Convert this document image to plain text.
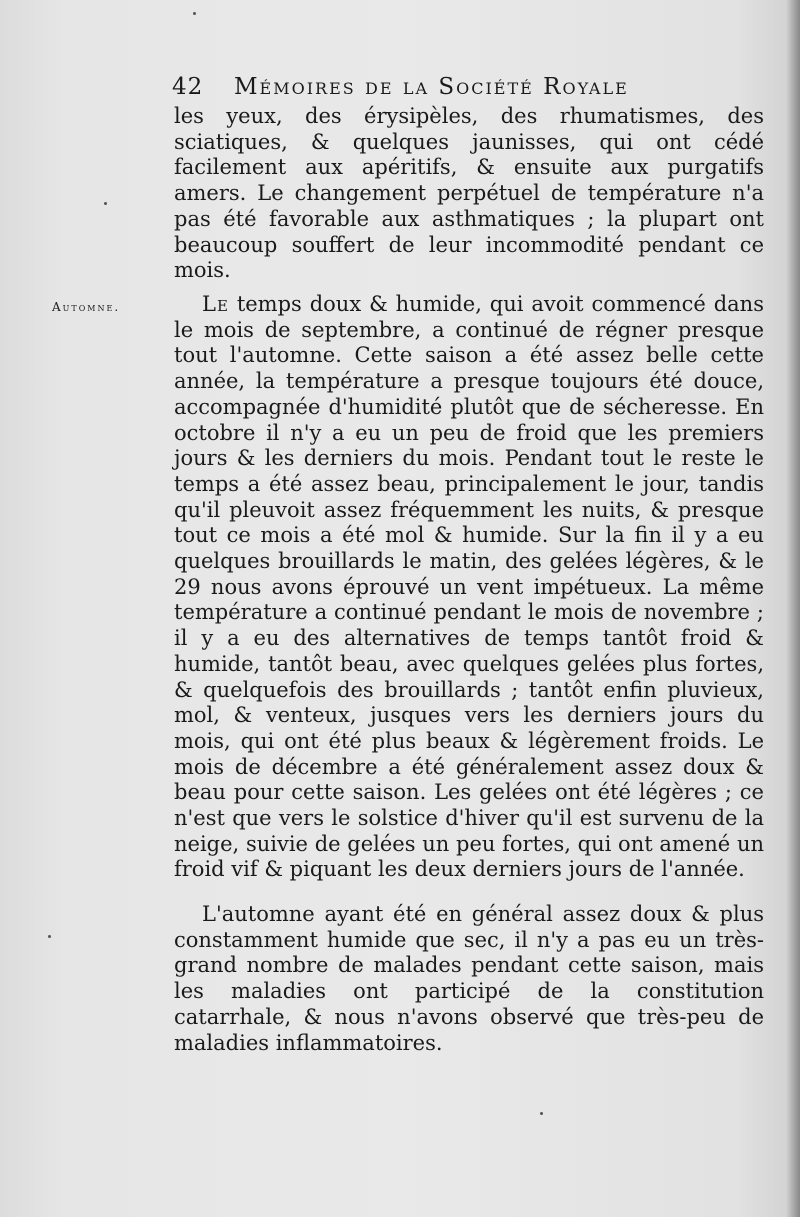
42 Mémoires de la Société Royale
Automne.

les yeux, des érysipèles, des rhumatismes, des sciatiques, & quelques jaunisses, qui ont cédé facilement aux apéritifs, & ensuite aux purgatifs amers. Le changement perpétuel de température n'a pas été favorable aux asthmatiques ; la plupart ont beaucoup souffert de leur incommodité pendant ce mois.

Le temps doux & humide, qui avoit commencé dans le mois de septembre, a continué de régner presque tout l'automne. Cette saison a été assez belle cette année, la température a presque toujours été douce, accompagnée d'humidité plutôt que de sécheresse. En octobre il n'y a eu un peu de froid que les premiers jours & les derniers du mois. Pendant tout le reste le temps a été assez beau, principalement le jour, tandis qu'il pleuvoit assez fréquemment les nuits, & presque tout ce mois a été mol & humide. Sur la fin il y a eu quelques brouillards le matin, des gelées légères, & le 29 nous avons éprouvé un vent impétueux. La même température a continué pendant le mois de novembre ; il y a eu des alternatives de temps tantôt froid & humide, tantôt beau, avec quelques gelées plus fortes, & quelquefois des brouillards ; tantôt enfin pluvieux, mol, & venteux, jusques vers les derniers jours du mois, qui ont été plus beaux & légèrement froids. Le mois de décembre a été généralement assez doux & beau pour cette saison. Les gelées ont été légères ; ce n'est que vers le solstice d'hiver qu'il est survenu de la neige, suivie de gelées un peu fortes, qui ont amené un froid vif & piquant les deux derniers jours de l'année.

L'automne ayant été en général assez doux & plus constamment humide que sec, il n'y a pas eu un très-grand nombre de malades pendant cette saison, mais les maladies ont participé de la constitution catarrhale, & nous n'avons observé que très-peu de maladies inflammatoires.
